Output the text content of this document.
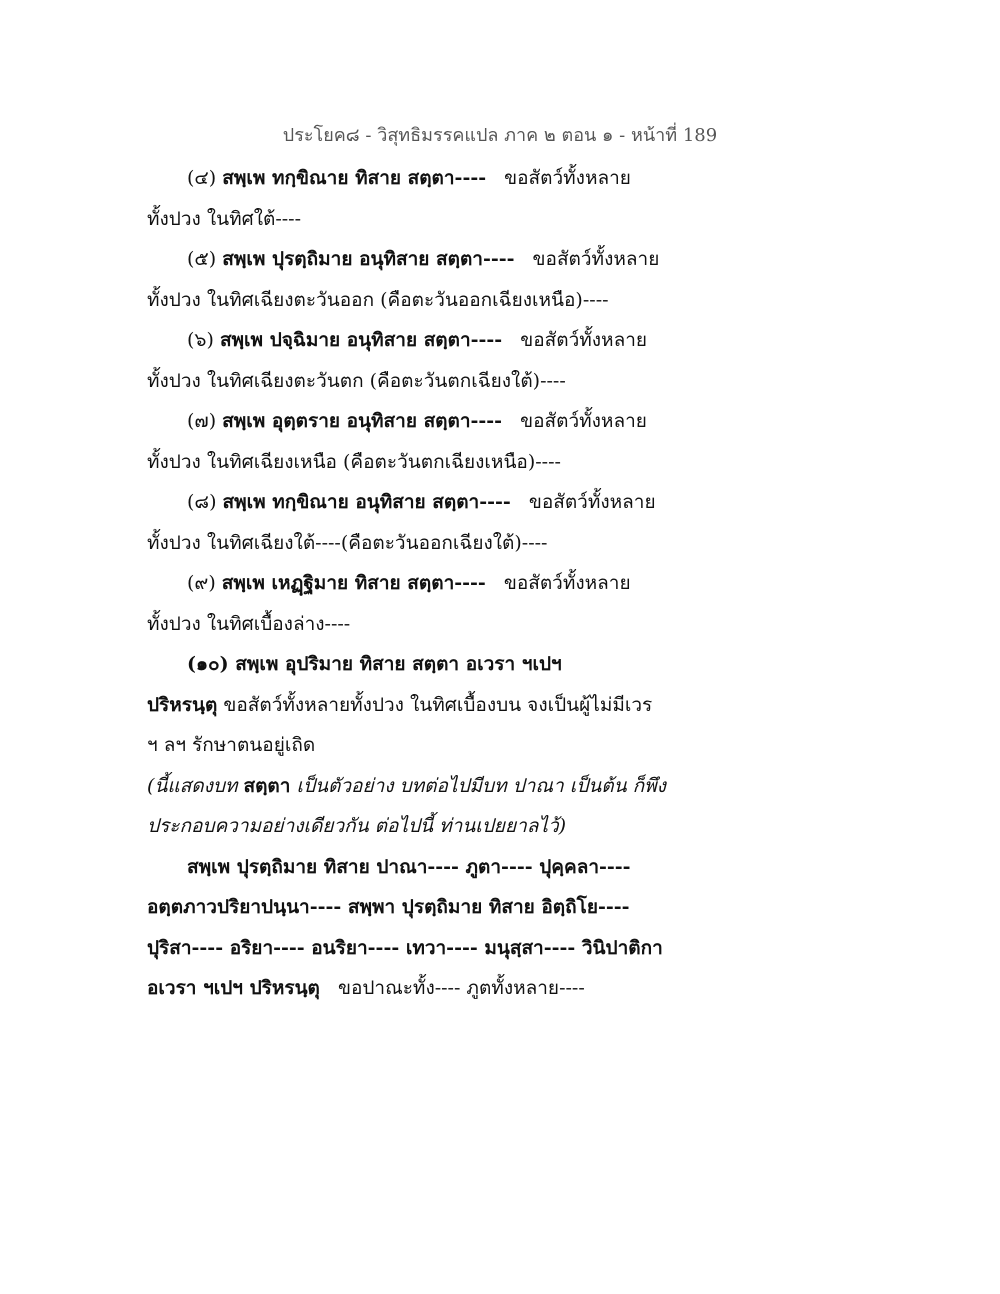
ประโยค๘ - วิสุทธิมรรคแปล ภาค ๒ ตอน ๑ - หน้าที่ 189
(๔) สพฺเพ ทกฺขิณาย ทิสาย สตฺตา---- ขอสัตว์ทั้งหลาย
ทั้งปวง ในทิศใต้----
(๕) สพฺเพ ปุรตฺถิมาย อนุทิสาย สตฺตา---- ขอสัตว์ทั้งหลาย
ทั้งปวง ในทิศเฉียงตะวันออก (คือตะวันออกเฉียงเหนือ)----
(๖) สพฺเพ ปจฺฉิมาย อนุทิสาย สตฺตา---- ขอสัตว์ทั้งหลาย
ทั้งปวง ในทิศเฉียงตะวันตก (คือตะวันตกเฉียงใต้)----
(๗) สพฺเพ อุตฺตราย อนุทิสาย สตฺตา---- ขอสัตว์ทั้งหลาย
ทั้งปวง ในทิศเฉียงเหนือ (คือตะวันตกเฉียงเหนือ)----
(๘) สพฺเพ ทกฺขิณาย อนุทิสาย สตฺตา---- ขอสัตว์ทั้งหลาย
ทั้งปวง ในทิศเฉียงใต้----(คือตะวันออกเฉียงใต้)----
(๙) สพฺเพ เหฏฺฐิมาย ทิสาย สตฺตา---- ขอสัตว์ทั้งหลาย
ทั้งปวง ในทิศเบื้องล่าง----
(๑๐) สพฺเพ อุปริมาย ทิสาย สตฺตา อเวรา ฯเปฯ
ปริหรนฺตุ ขอสัตว์ทั้งหลายทั้งปวง ในทิศเบื้องบน จงเป็นผู้ไม่มีเวร
ฯ ลฯ รักษาตนอยู่เถิด
(นี้แสดงบท สตฺตา เป็นตัวอย่าง บทต่อไปมีบท ปาณา เป็นต้น ก็พึง
ประกอบความอย่างเดียวกัน ต่อไปนี้ ท่านเปยยาลไว้)
สพฺเพ ปุรตฺถิมาย ทิสาย ปาณา---- ภูตา---- ปุคฺคลา----
อตฺตภาวปริยาปนฺนา---- สพฺพา ปุรตฺถิมาย ทิสาย อิตฺถิโย----
ปุริสา---- อริยา---- อนริยา---- เทวา---- มนุสฺสา---- วินิปาติกา
อเวรา ฯเปฯ ปริหรนฺตุ ขอปาณะทั้ง---- ภูตทั้งหลาย----
